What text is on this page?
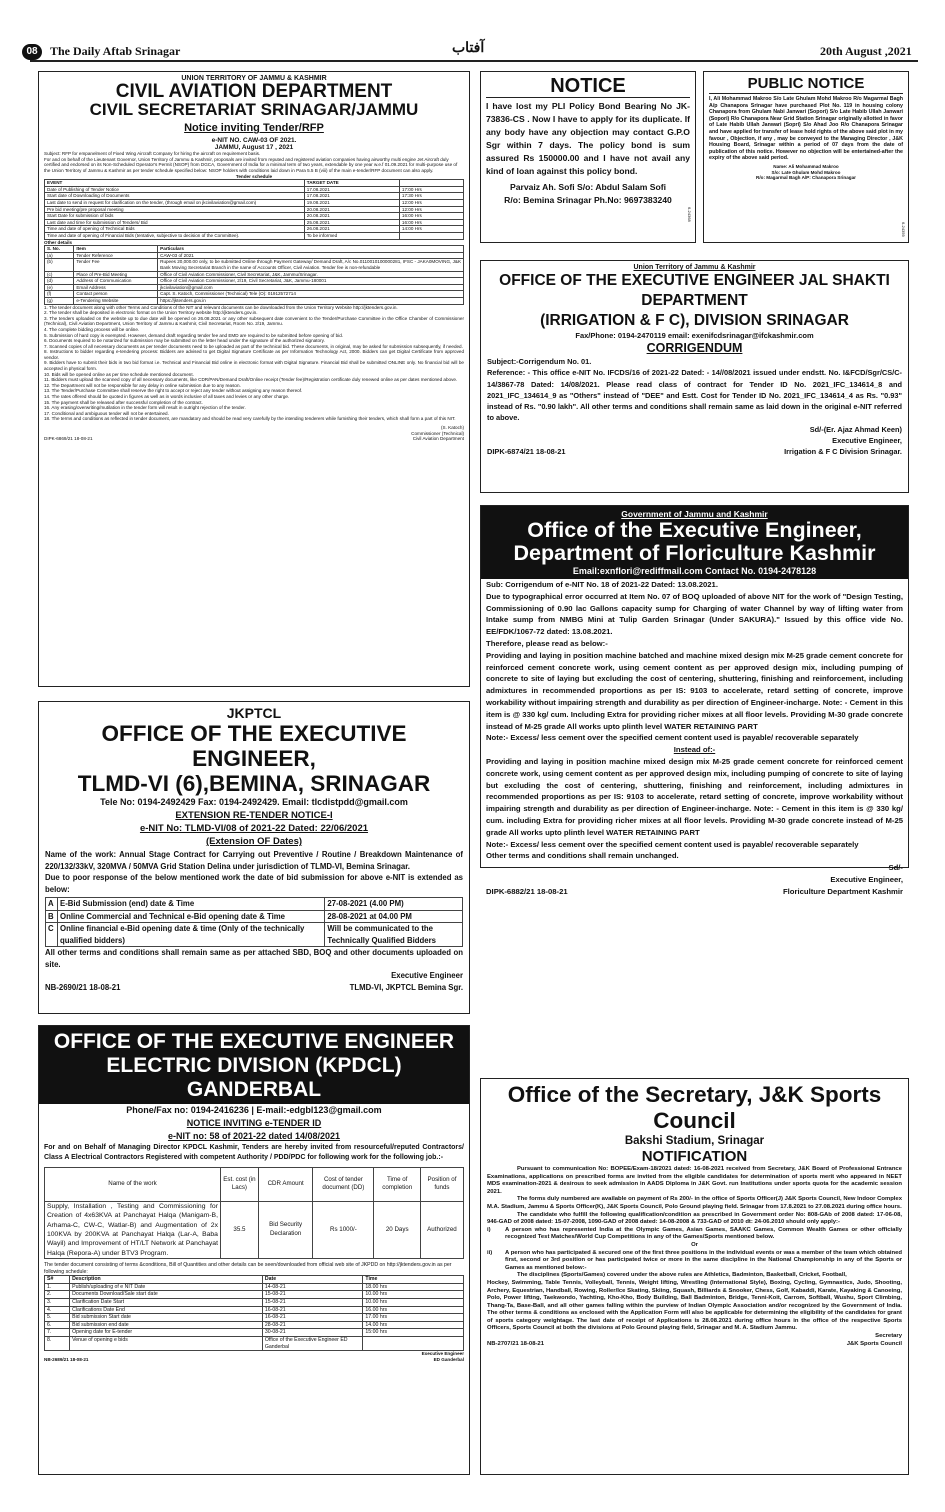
08	The Daily Aftab Srinagar	آفتاب	20th August ,2021
UNION TERRITORY OF JAMMU & KASHMIR
CIVIL AVIATION DEPARTMENT
CIVIL SECRETARIAT SRINAGAR/JAMMU
Notice inviting Tender/RFP
e-NIT NO. CAW-03 OF 2021.
JAMMU, August 17 , 2021
Subject: RFP for empanelment of Fixed Wing Aircraft Company for hiring the aircraft on requirement basis.
For and on behalf of the Lieutenant Governor, Union Territory of Jammu & Kashmir, proposals are invited from reputed and registered aviation companies having airworthy multi engine Jet Aircraft duly certified and endorsed on its Non-Scheduled Operator's Permit (NSOP) from DGCA, Government of India for a minimal term of two years, extendable by one year w.e.f 01.09.2021 for multi-purpose use of the Union Territory of Jammu & Kashmir as per tender schedule specified below: NSOP holders with conditions laid down in Para 5.5 B (viii) of the main e-tender/RFP document can also apply.
Tender schedule
EVENT	TARGET DATE	
Date of Publishing of Tender Notice	17.08.2021	17:00 Hrs
Start date of Downloading of Documents	17.08.2021	17:30 Hrs
Last date to send in request for clarification on the tender, (through email on jkcivilaviation@gmail.com)	19.08.2021	12:00 Hrs
Pre bid meeting/pre proposal meeting	20.08.2021	12:00 Hrs
Start Date for submission of bids	20.08.2021	16:00 Hrs
Last date and time for submission of Tenders/ Bid	25.08.2021	16:00 Hrs
Time and date of opening of Technical Bids	26.08.2021	14:00 Hrs
Time and date of opening of Financial Bids (tentative, subjective to decision of the Committee).	To be informed	
Other details
S. No.	Item	Particulars
(a)	Tender Reference	CAW-03 of 2021
(b)	Tender Fee	Rupees 20,000.00 only, to be submitted Online through Payment Gateway/ Demand Draft, A/c No.0110010100000281, IFSC - JAKA0MOVING, J&K Bank Moving Secretariat Branch in the name of Accounts Officer, Civil Aviation. Tender fee is non-refundable
(c)	Place of Pre-Bid Meeting	Office of Civil Aviation Commissioner, Civil Secretariat, J&K, Jammu/Srinagar.
(d)	Address of Communication	Office of Civil Aviation Commissioner, 2/19, Civil Secretariat, J&K, Jammu-180001
(e)	Email Address	jkcivilaviation@gmail.com
(f)	Contact person	Capt. S. Katoch, Commissioner (Technical) Tele (O): 01912572714
(g)	e-Tendering Website	https://jktenders.gov.in
1. The tender document along with other Terms and Conditions of the NIT and relevant documents can be downloaded from the Union Territory Website http://jktenders.gov.in.
2. The tender shall be deposited in electronic format on the Union Territory website http://jktenders.gov.in.
3. The tenders uploaded on the website up to due date will be opened on 26.08.2021 or any other subsequent date convenient to the Tender/Purchase Committee in the Office Chamber of Commissioner (Technical), Civil Aviation Department, Union Territory of Jammu & Kashmir, Civil Secretariat, Room No. 2/19, Jammu.
4. The complete bidding process will be online.
5. Submission of hard copy is exempted. However, demand draft regarding tender fee and EMD are required to be submitted before opening of bid.
6. Documents required to be notarized for submission may be submitted on the letter head under the signature of the authorized signatory.
7. Scanned copies of all necessary documents as per tender documents need to be uploaded as part of the technical bid. These documents, in original, may be asked for submission subsequently, if needed.
8. Instructions to bidder regarding e-tendering process: Bidders are advised to get Digital Signature Certificate as per Information Technology Act, 2000. Bidders can get Digital Certificate from approved vendor.
9. Bidders have to submit their bids in two bid format i.e. Technical and Financial Bid online in electronic format with Digital Signature. Financial Bid shall be submitted ONLINE only. No financial bid will be accepted in physical form.
10. Bids will be opened online as per time schedule mentioned document.
11. Bidders must upload the scanned copy of all necessary documents, like CDR/PAN/Demand Draft/Online receipt (Tender fee)/Registration certificate duly renewed online as per dates mentioned above.
12. The Department will not be responsible for any delay in online submission due to any reason.
13. The Tender/Purchase Committee shall reserve the right to accept or reject any tender without assigning any reason thereof.
14. The rates offered should be quoted in figures as well as in words inclusive of all taxes and levies or any other charge.
15. The payment shall be released after successful completion of the contract.
16. Any erasing/overwriting/mutilation in the tender form will result in outright rejection of the tender.
17. Conditional and ambiguous tender will not be entertained.
18. The terms and conditions as reflected in tender document, are mandatory and should be read very carefully by the intending tenderers while furnishing their tenders, which shall form a part of this NIT.
(S. Katoch)
Commissioner (Technical)
DIPK-6869/21 18-08-21	Civil Aviation Department
NOTICE
I have lost my PLI Policy Bond Bearing No JK-73836-CS . Now I have to apply for its duplicate. If any body have any objection may contact G.P.O Sgr within 7 days. The policy bond is sum assured Rs 150000.00 and I have not avail any kind of loan against this policy bond.
Parvaiz Ah. Sofi S/o: Abdul Salam Sofi
R/o: Bemina Srinagar Ph.No: 9697383240
6-24368
PUBLIC NOTICE
I, Ali Mohammad Makroo S/o Late Ghulam Mohd Makroo R/o Magarmal Bagh A/p Chanapora Srinagar have purchased Plot No. 119 in housing colony Chanapora from Ghulam Nabi Janwari (Sopori) S/o Late Habib Ullah Janwari (Sopori) R/o Chanapora Near Grid Station Srinagar originally allotted in favor of Late Habib Ullah Janwari (Sopri) S/o Ahad Joo R/o Chanapora Srinagar and have applied for transfer of lease hold rights of the above said plot in my favour , Objection, if any , may be conveyed to the Managing Director , J&K Housing Board, Srinagar within a period of 07 days from the date of publication of this notice. However no objection will be entertained-after the expiry of the above said period.
Name: Ali Mohammad Makroo
S/o: Late Ghulam Mohd Makroo
R/o: Magarmal Bagh A/P: Chanapora Srinagar
6-24359
Union Territory of Jammu & Kashmir
OFFICE OF THE EXECUTIVE ENGINEER JAL SHAKTI DEPARTMENT
(IRRIGATION & F C), DIVISION SRINAGAR
Fax/Phone: 0194-2470119 email: exenifcdsrinagar@ifckashmir.com
CORRIGENDUM
Subject:-Corrigendum No. 01.
Reference: - This office e-NIT No. IFCDS/16 of 2021-22 Dated: - 14//08/2021 issued under endstt. No. I&FCD/Sgr/CS/C-14/3867-78 Dated: 14/08/2021. Please read class of contract for Tender ID No. 2021_IFC_134614_8 and 2021_IFC_134614_9 as "Others" instead of "DEE" and Estt. Cost for Tender ID No. 2021_IFC_134614_4 as Rs. "0.93" instead of Rs. "0.90 lakh". All other terms and conditions shall remain same as laid down in the original e-NIT referred to above.
Sd/-(Er. Ajaz Ahmad Keen)
Executive Engineer,
DIPK-6874/21 18-08-21	Irrigation & F C Division Srinagar.
Government of Jammu and Kashmir
Office of the Executive Engineer,
Department of Floriculture Kashmir
Email:exnflori@rediffmail.com Contact No. 0194-2478128
Sub: Corrigendum of e-NIT No. 18 of 2021-22 Dated: 13.08.2021.
Due to typographical error occurred at Item No. 07 of BOQ uploaded of above NIT for the work of "Design Testing, Commissioning of 0.90 lac Gallons capacity sump for Charging of water Channel by way of lifting water from Intake sump from NMBG Mini at Tulip Garden Srinagar (Under SAKURA)." Issued by this office vide No. EE/FDK/1067-72 dated: 13.08.2021.
Therefore, please read as below:-
Providing and laying in position machine batched and machine mixed design mix M-25 grade cement concrete for reinforced cement concrete work, using cement content as per approved design mix, including pumping of concrete to site of laying but excluding the cost of centering, shuttering, finishing and reinforcement, including admixtures in recommended proportions as per IS: 9103 to accelerate, retard setting of concrete, improve workability without impairing strength and durability as per direction of Engineer-incharge. Note: - Cement in this item is @ 330 kg/ cum. Including Extra for providing richer mixes at all floor levels. Providing M-30 grade concrete instead of M-25 grade All works upto plinth level WATER RETAINING PART
Note:- Excess/ less cement over the specified cement content used is payable/ recoverable separately
Instead of:-
Providing and laying in position machine mixed design mix M-25 grade cement concrete for reinforced cement concrete work, using cement content as per approved design mix, including pumping of concrete to site of laying but excluding the cost of centering, shuttering, finishing and reinforcement, including admixtures in recommended proportions as per IS: 9103 to accelerate, retard setting of concrete, improve workability without impairing strength and durability as per direction of Engineer-incharge. Note: - Cement in this item is @ 330 kg/ cum. including Extra for providing richer mixes at all floor levels. Providing M-30 grade concrete instead of M-25 grade All works upto plinth level WATER RETAINING PART
Note:- Excess/ less cement over the specified cement content used is payable/ recoverable separately
Other terms and conditions shall remain unchanged.
Sd/-
Executive Engineer,
DIPK-6882/21 18-08-21	Floriculture Department Kashmir
JKPTCL
OFFICE OF THE EXECUTIVE ENGINEER,
TLMD-VI (6),BEMINA, SRINAGAR
Tele No: 0194-2492429 Fax: 0194-2492429. Email: tlcdistpdd@gmail.com
EXTENSION RE-TENDER NOTICE-I
e-NIT No: TLMD-VI/08 of 2021-22 Dated: 22/06/2021
(Extension OF Dates)
Name of the work: Annual Stage Contract for Carrying out Preventive / Routine / Breakdown Maintenance of 220/132/33kV, 320MVA / 50MVA Grid Station Delina under jurisdiction of TLMD-VI, Bemina Srinagar.
Due to poor response of the below mentioned work the date of bid submission for above e-NIT is extended as below:
A	E-Bid Submission (end) date & Time	27-08-2021 (4.00 PM)
B	Online Commercial and Technical e-Bid opening date & Time	28-08-2021 at 04.00 PM
C	Online financial e-Bid opening date & time (Only of the technically qualified bidders)	Will be communicated to the Technically Qualified Bidders
All other terms and conditions shall remain same as per attached SBD, BOQ and other documents uploaded on site.
Executive Engineer
NB-2690/21 18-08-21	TLMD-VI, JKPTCL Bemina Sgr.
OFFICE OF THE EXECUTIVE ENGINEER
ELECTRIC DIVISION (KPDCL) GANDERBAL
Phone/Fax no: 0194-2416236 | E-mail:-edgbl123@gmail.com
NOTICE INVITING e-TENDER ID
e-NIT no: 58 of 2021-22 dated 14/08/2021
For and on Behalf of Managing Director KPDCL Kashmir, Tenders are hereby invited from resourceful/reputed Contractors/ Class A Electrical Contractors Registered with competent Authority / PDD/PDC for following work for the following job.:-
Name of the work	Est. cost (in Lacs)	CDR Amount	Cost of tender document (DD)	Time of completion	Position of funds
Supply, Installation , Testing and Commissioning for Creation of 4x63KVA at Panchayat Halqa (Manigam-B, Arhama-C, CW-C, Watlar-B) and Augmentation of 2x 100KVA by 200KVA at Panchayat Halqa (Lar-A, Baba Wayil) and Improvement of HT/LT Network at Panchayat Halqa (Repora-A) under BTV3 Program.	35.5	Bid Security Declaration	Rs 1000/-	20 Days	Authorized
The tender document consisting of terms &conditions, Bill of Quantities and other details can be seen/downloaded from official web site of JKPDD on http://jktenders.gov.in as per following schedule:
S#	Description	Date	Time
1.	Publish/uploading of e NIT Date	14-08-21	18.00 hrs
2.	Documents Download/Sale start date	15-08-21	10.00 hrs
3.	Clarification Date Start	15-08-21	10.00 hrs
4.	Clarifications Date End	16-08-21	16.00 hrs
5.	Bid submission Start date	16-08-21	17.00 hrs
6.	Bid submission end date	28-08-21	14.00 hrs
7.	Opening date for E-tender	30-08-21	15:00 hrs
8.	Venue of opening e bids	Office of the Executive Engineer ED Ganderbal	
Executive Engineer
NB-2689/21 18-08-21	ED Ganderbal
Office of the Secretary, J&K Sports Council
Bakshi Stadium, Srinagar
NOTIFICATION
Pursuant to communication No: BOPEE/Exam-18/2021 dated: 16-08-2021 received from Secretary, J&K Board of Professional Entrance Examinations, applications on prescribed forms are invited from the eligible candidates for determination of sports merit who appeared in NEET MDS examination-2021 & desirous to seek admission in AADS Diploma in J&K Govt. run Institutions under sports quota for the academic session 2021.
The forms duly numbered are available on payment of Rs 200/- in the office of Sports Officer(J) J&K Sports Council, New Indoor Complex M.A. Stadium, Jammu & Sports Officer(K), J&K Sports Council, Polo Ground playing field. Srinagar from 17.8.2021 to 27.08.2021 during office hours.
The candidate who fulfill the following qualification/condition as prescribed in Government order No: 808-GAb of 2008 dated: 17-06-08, 946-GAD of 2008 dated: 15-07-2008, 1090-GAD of 2008 dated: 14-08-2008 & 733-GAD of 2010 dt: 24-06.2010 should only apply:-
i)	A person who has represented India at the Olympic Games, Asian Games, SAAKC Games, Common Wealth Games or other officially recognized Test Matches/World Cup Competitions in any of the Games/Sports mentioned below.
Or
ii)	A person who has participated & secured one of the first three positions in the individual events or was a member of the team which obtained first, second or 3rd position or has participated twice or more in the same discipline in the National Championship in any of the Sports or Games as mentioned below:-
The disciplines (Sports/Games) covered under the above rules are Athletics, Badminton, Basketball, Cricket, Football,
Hockey, Swimming, Table Tennis, Volleyball, Tennis, Weight lifting, Wrestling (International Style), Boxing, Cycling, Gymnastics, Judo, Shooting, Archery, Equestrian, Handball, Rowing, Roller/Ice Skating, Skiing, Squash, Billiards & Snooker, Chess, Golf, Kabaddi, Karate, Kayaking & Canoeing, Polo, Power lifting, Taekwondo, Yachting, Kho-Kho, Body Building, Ball Badminton, Bridge, Tenni-Koit, Carrom, Softball, Wushu, Sport Climbing, Thang-Ta, Base-Ball, and all other games falling within the purview of Indian Olympic Association and/or recognized by the Government of India. The other terms & conditions as enclosed with the Application Form will also be applicable for determining the eligibility of the candidates for grant of sports category weightage. The last date of receipt of Applications is 28.08.2021 during office hours in the office of the respective Sports Officers, Sports Council at both the divisions at Polo Ground playing field, Srinagar and M. A. Stadium Jammu.
Secretary
NB-2707/21 18-08-21	J&K Sports Council
